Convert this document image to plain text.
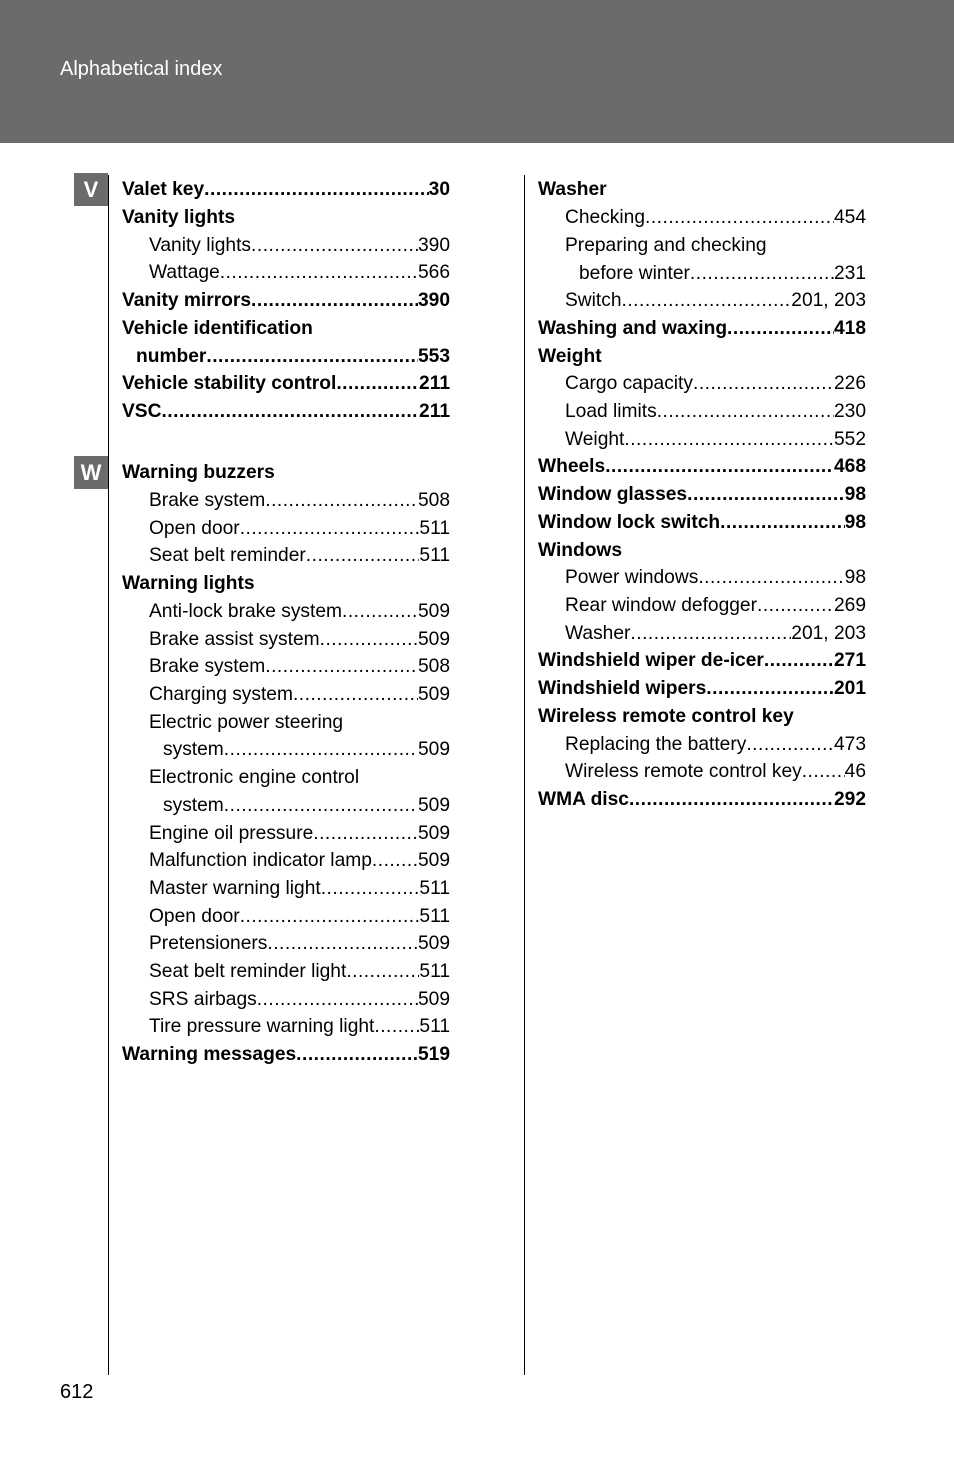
Alphabetical index
V
W
Valet key .....	30
Vanity lights
Vanity lights .....	390
Wattage .....	566
Vanity mirrors .....	390
Vehicle identification
number .....	553
Vehicle stability control .....	211
VSC .....	211
Warning buzzers
Brake system .....	508
Open door .....	511
Seat belt reminder .....	511
Warning lights
Anti-lock brake system .....	509
Brake assist system .....	509
Brake system .....	508
Charging system .....	509
Electric power steering
system .....	509
Electronic engine control
system .....	509
Engine oil pressure .....	509
Malfunction indicator lamp ..... 509
Master warning light .....	511
Open door .....	511
Pretensioners .....	509
Seat belt reminder light .....	511
SRS airbags .....	509
Tire pressure warning light ..... 511
Warning messages .....	519
Washer
Checking .....	454
Preparing and checking
before winter .....	231
Switch .....	201, 203
Washing and waxing .....	418
Weight
Cargo capacity .....	226
Load limits .....	230
Weight .....	552
Wheels .....	468
Window glasses .....	98
Window lock switch .....	98
Windows
Power windows .....	98
Rear window defogger .....	269
Washer .....	201, 203
Windshield wiper de-icer .....	271
Windshield wipers .....	201
Wireless remote control key
Replacing the battery .....	473
Wireless remote control key ..... 46
WMA disc .....	292
612
